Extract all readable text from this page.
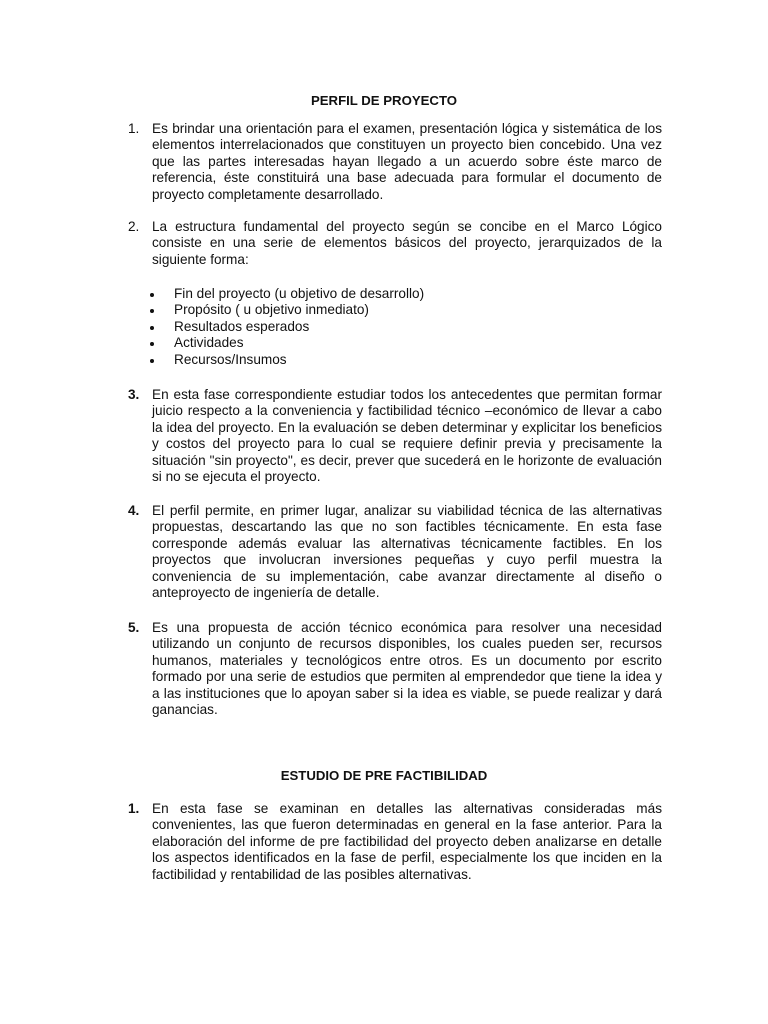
PERFIL DE PROYECTO
1. Es brindar una orientación para el examen, presentación lógica y sistemática de los elementos interrelacionados que constituyen un proyecto bien concebido. Una vez que las partes interesadas hayan llegado a un acuerdo sobre éste marco de referencia, éste constituirá una base adecuada para formular el documento de proyecto completamente desarrollado.

2. La estructura fundamental del proyecto según se concibe en el Marco Lógico consiste en una serie de elementos básicos del proyecto, jerarquizados de la siguiente forma:

Fin del proyecto (u objetivo de desarrollo)
Propósito ( u objetivo inmediato)
Resultados esperados
Actividades
Recursos/Insumos
3. En esta fase correspondiente estudiar todos los antecedentes que permitan formar juicio respecto a la conveniencia y factibilidad técnico –económico de llevar a cabo la idea del proyecto. En la evaluación se deben determinar y explicitar los beneficios y costos del proyecto para lo cual se requiere definir previa y precisamente la situación "sin proyecto", es decir, prever que sucederá en le horizonte de evaluación si no se ejecuta el proyecto.

4. El perfil permite, en primer lugar, analizar su viabilidad técnica de las alternativas propuestas, descartando las que no son factibles técnicamente. En esta fase corresponde además evaluar las alternativas técnicamente factibles. En los proyectos que involucran inversiones pequeñas y cuyo perfil muestra la conveniencia de su implementación, cabe avanzar directamente al diseño o anteproyecto de ingeniería de detalle.

5. Es una propuesta de acción técnico económica para resolver una necesidad utilizando un conjunto de recursos disponibles, los cuales pueden ser, recursos humanos, materiales y tecnológicos entre otros. Es un documento por escrito formado por una serie de estudios que permiten al emprendedor que tiene la idea y a las instituciones que lo apoyan saber si la idea es viable, se puede realizar y dará ganancias.

ESTUDIO DE PRE FACTIBILIDAD
1. En esta fase se examinan en detalles las alternativas consideradas más convenientes, las que fueron determinadas en general en la fase anterior. Para la elaboración del informe de pre factibilidad del proyecto deben analizarse en detalle los aspectos identificados en la fase de perfil, especialmente los que inciden en la factibilidad y rentabilidad de las posibles alternativas.
